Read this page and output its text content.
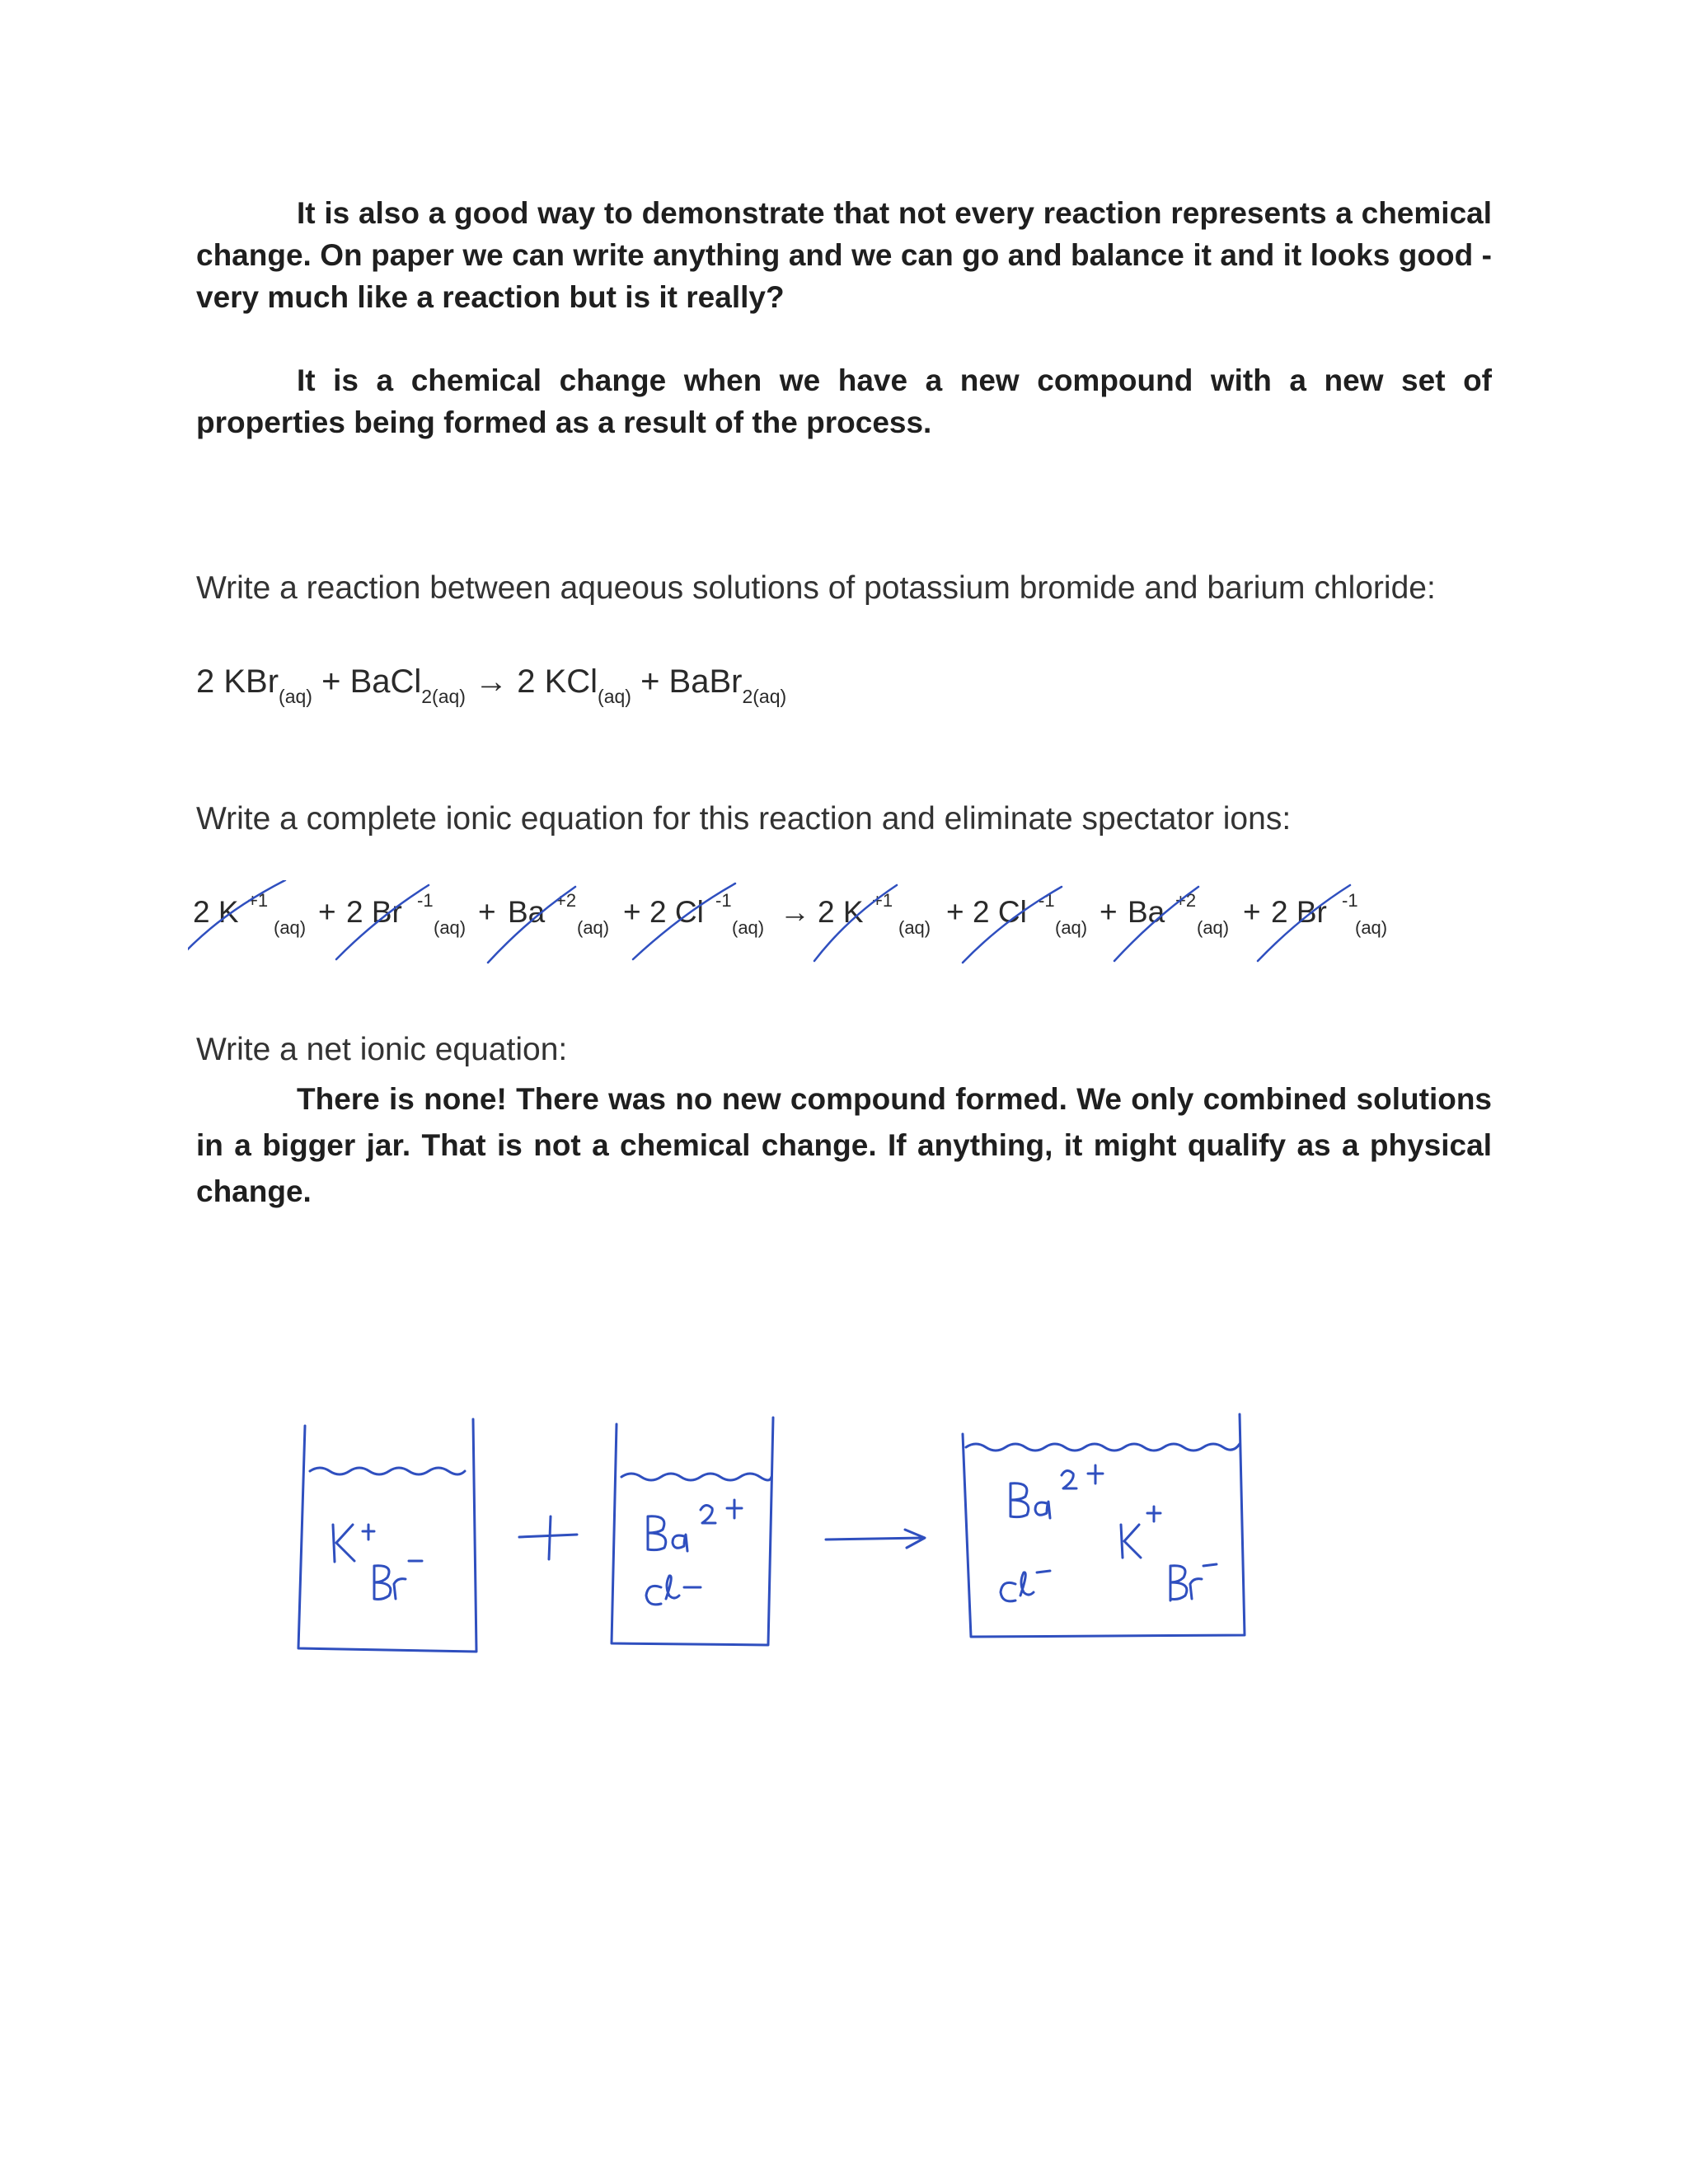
It is also a good way to demonstrate that not every reaction represents a chemical change. On paper we can write anything and we can go and balance it and it looks good - very much like a reaction but is it really?

It is a chemical change when we have a new compound with a new set of properties being formed as a result of the process.

Write a reaction between aqueous solutions of potassium bromide and barium chloride:

2 KBr$_{(aq)}$ + BaCl$_{2(aq)}$ → 2 KCl$_{(aq)}$ + BaBr$_{2(aq)}$

Write a complete ionic equation for this reaction and eliminate spectator ions:

2 K +1
(aq) + 2 Br -1
(aq) + Ba +2
(aq) + 2 Cl -1
(aq) → 2 K +1
(aq) + 2 Cl -1
(aq) + Ba +2
(aq) + 2 Br -1
(aq)

Write a net ionic equation:

There is none! There was no new compound formed. We only combined solutions in a bigger jar. That is not a chemical change. If anything, it might qualify as a physical change.
